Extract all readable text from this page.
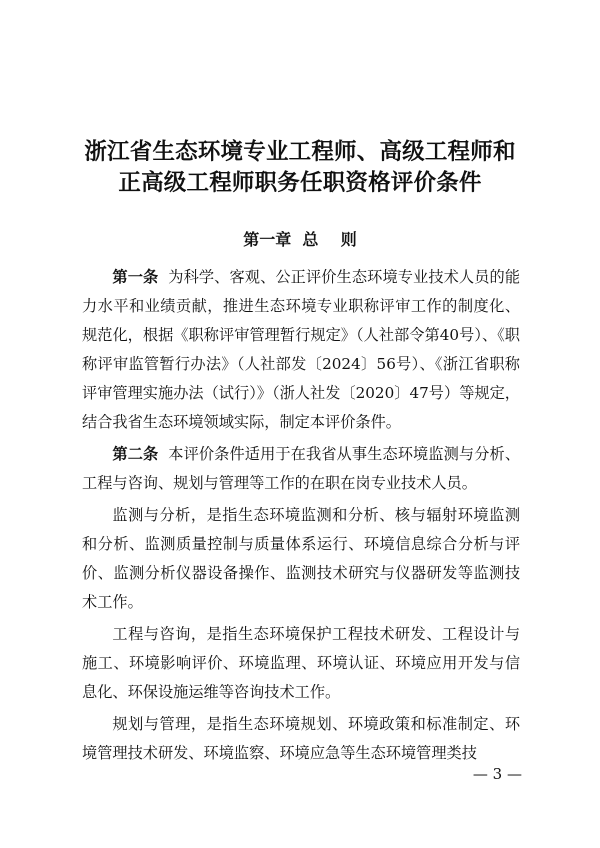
浙江省生态环境专业工程师、高级工程师和
正高级工程师职务任职资格评价条件
第一章  总    则

第一条 为科学、客观、公正评价生态环境专业技术人员的能力水平和业绩贡献，推进生态环境专业职称评审工作的制度化、规范化，根据《职称评审管理暂行规定》（人社部令第40号）、《职称评审监管暂行办法》（人社部发〔2024〕56号）、《浙江省职称评审管理实施办法（试行）》（浙人社发〔2020〕47号）等规定，结合我省生态环境领域实际，制定本评价条件。

第二条 本评价条件适用于在我省从事生态环境监测与分析、工程与咨询、规划与管理等工作的在职在岗专业技术人员。

监测与分析，是指生态环境监测和分析、核与辐射环境监测和分析、监测质量控制与质量体系运行、环境信息综合分析与评价、监测分析仪器设备操作、监测技术研究与仪器研发等监测技术工作。

工程与咨询，是指生态环境保护工程技术研发、工程设计与施工、环境影响评价、环境监理、环境认证、环境应用开发与信息化、环保设施运维等咨询技术工作。

规划与管理，是指生态环境规划、环境政策和标准制定、环境管理技术研发、环境监察、环境应急等生态环境管理类技

— 3 —
